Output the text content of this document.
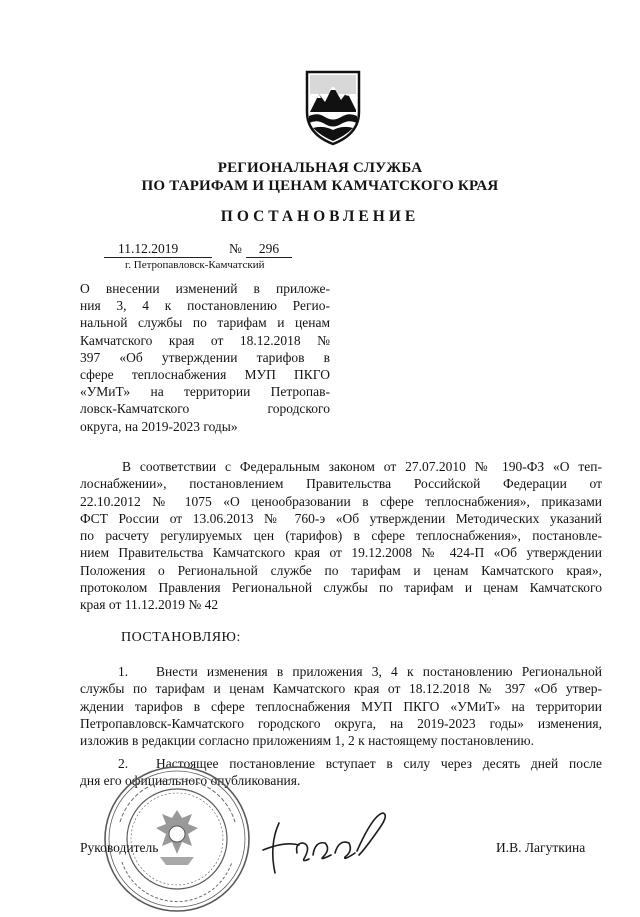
РЕГИОНАЛЬНАЯ СЛУЖБА
ПО ТАРИФАМ И ЦЕНАМ КАМЧАТСКОГО КРАЯ
ПОСТАНОВЛЕНИЕ
11.12.2019	№	296
г. Петропавловск-Камчатский
О внесении изменений в приложе-
ния 3, 4 к постановлению Регио-
нальной службы по тарифам и ценам
Камчатского края от 18.12.2018 №
397 «Об утверждении тарифов в
сфере теплоснабжения МУП ПКГО
«УМиТ» на территории Петропав-
ловск-Камчатского городского
округа, на 2019-2023 годы»
В соответствии с Федеральным законом от 27.07.2010 № 190-ФЗ «О теп-
лоснабжении», постановлением Правительства Российской Федерации от
22.10.2012 № 1075 «О ценообразовании в сфере теплоснабжения», приказами
ФСТ России от 13.06.2013 № 760-э «Об утверждении Методических указаний
по расчету регулируемых цен (тарифов) в сфере теплоснабжения», постановле-
нием Правительства Камчатского края от 19.12.2008 № 424-П «Об утверждении
Положения о Региональной службе по тарифам и ценам Камчатского края»,
протоколом Правления Региональной службы по тарифам и ценам Камчатского
края от 11.12.2019 № 42
ПОСТАНОВЛЯЮ:
1. Внести изменения в приложения 3, 4 к постановлению Региональной
службы по тарифам и ценам Камчатского края от 18.12.2018 № 397 «Об утвер-
ждении тарифов в сфере теплоснабжения МУП ПКГО «УМиТ» на территории
Петропавловск-Камчатского городского округа, на 2019-2023 годы» изменения,
изложив в редакции согласно приложениям 1, 2 к настоящему постановлению.
2. Настоящее постановление вступает в силу через десять дней после
дня его официального опубликования.
Руководитель	И.В. Лагуткина
